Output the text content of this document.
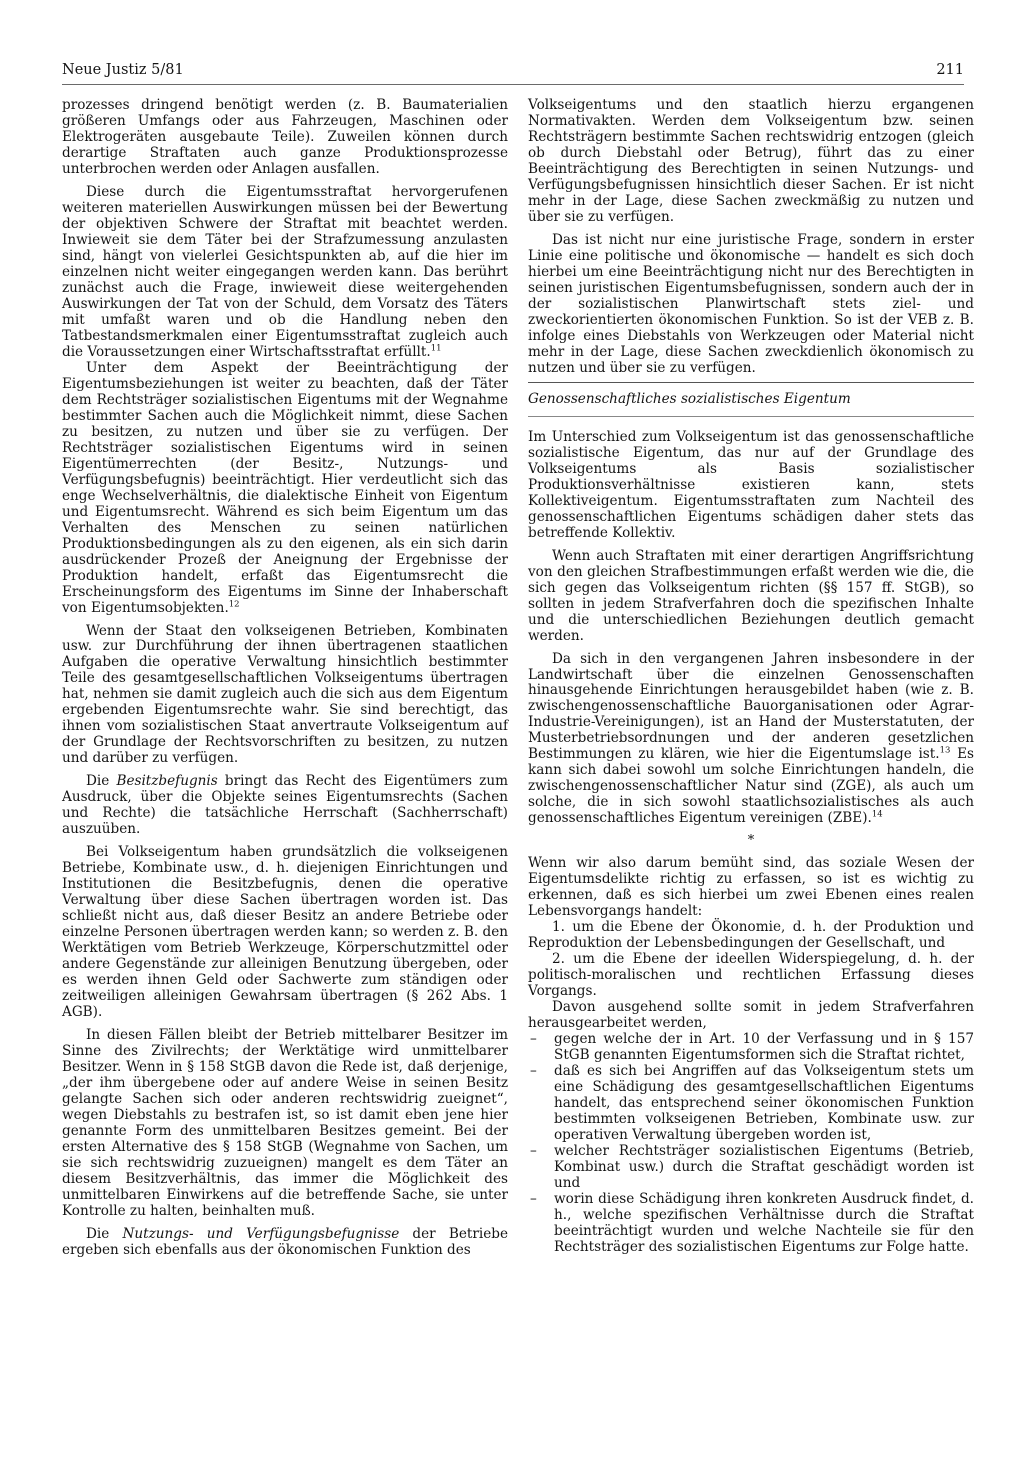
Neue Justiz 5/81	211

prozesses dringend benötigt werden (z. B. Baumaterialien größeren Umfangs oder aus Fahrzeugen, Maschinen oder Elektrogeräten ausgebaute Teile). Zuweilen können durch derartige Straftaten auch ganze Produktionsprozesse unterbrochen werden oder Anlagen ausfallen.

Diese durch die Eigentumsstraftat hervorgerufenen weiteren materiellen Auswirkungen müssen bei der Bewertung der objektiven Schwere der Straftat mit beachtet werden. Inwieweit sie dem Täter bei der Strafzumessung anzulasten sind, hängt von vielerlei Gesichtspunkten ab, auf die hier im einzelnen nicht weiter eingegangen werden kann. Das berührt zunächst auch die Frage, inwieweit diese weitergehenden Auswirkungen der Tat von der Schuld, dem Vorsatz des Täters mit umfaßt waren und ob die Handlung neben den Tatbestandsmerkmalen einer Eigentumsstraftat zugleich auch die Voraussetzungen einer Wirtschaftsstraftat erfüllt.$^{11}$

Unter dem Aspekt der Beeinträchtigung der Eigentumsbeziehungen ist weiter zu beachten, daß der Täter dem Rechtsträger sozialistischen Eigentums mit der Wegnahme bestimmter Sachen auch die Möglichkeit nimmt, diese Sachen zu besitzen, zu nutzen und über sie zu verfügen. Der Rechtsträger sozialistischen Eigentums wird in seinen Eigentümerrechten (der Besitz-, Nutzungs- und Verfügungsbefugnis) beeinträchtigt. Hier verdeutlicht sich das enge Wechselverhältnis, die dialektische Einheit von Eigentum und Eigentumsrecht. Während es sich beim Eigentum um das Verhalten des Menschen zu seinen natürlichen Produktionsbedingungen als zu den eigenen, als ein sich darin ausdrückender Prozeß der Aneignung der Ergebnisse der Produktion handelt, erfaßt das Eigentumsrecht die Erscheinungsform des Eigentums im Sinne der Inhaberschaft von Eigentumsobjekten.$^{12}$

Wenn der Staat den volkseigenen Betrieben, Kombinaten usw. zur Durchführung der ihnen übertragenen staatlichen Aufgaben die operative Verwaltung hinsichtlich bestimmter Teile des gesamtgesellschaftlichen Volkseigentums übertragen hat, nehmen sie damit zugleich auch die sich aus dem Eigentum ergebenden Eigentumsrechte wahr. Sie sind berechtigt, das ihnen vom sozialistischen Staat anvertraute Volkseigentum auf der Grundlage der Rechtsvorschriften zu besitzen, zu nutzen und darüber zu verfügen.

Die Besitzbefugnis bringt das Recht des Eigentümers zum Ausdruck, über die Objekte seines Eigentumsrechts (Sachen und Rechte) die tatsächliche Herrschaft (Sachherrschaft) auszuüben.

Bei Volkseigentum haben grundsätzlich die volkseigenen Betriebe, Kombinate usw., d. h. diejenigen Einrichtungen und Institutionen die Besitzbefugnis, denen die operative Verwaltung über diese Sachen übertragen worden ist. Das schließt nicht aus, daß dieser Besitz an andere Betriebe oder einzelne Personen übertragen werden kann; so werden z. B. den Werktätigen vom Betrieb Werkzeuge, Körperschutzmittel oder andere Gegenstände zur alleinigen Benutzung übergeben, oder es werden ihnen Geld oder Sachwerte zum ständigen oder zeitweiligen alleinigen Gewahrsam übertragen (§ 262 Abs. 1 AGB).

In diesen Fällen bleibt der Betrieb mittelbarer Besitzer im Sinne des Zivilrechts; der Werktätige wird unmittelbarer Besitzer. Wenn in § 158 StGB davon die Rede ist, daß derjenige, „der ihm übergebene oder auf andere Weise in seinen Besitz gelangte Sachen sich oder anderen rechtswidrig zueignet“, wegen Diebstahls zu bestrafen ist, so ist damit eben jene hier genannte Form des unmittelbaren Besitzes gemeint. Bei der ersten Alternative des § 158 StGB (Wegnahme von Sachen, um sie sich rechtswidrig zuzueignen) mangelt es dem Täter an diesem Besitzverhältnis, das immer die Möglichkeit des unmittelbaren Einwirkens auf die betreffende Sache, sie unter Kontrolle zu halten, beinhalten muß.

Die Nutzungs- und Verfügungsbefugnisse der Betriebe ergeben sich ebenfalls aus der ökonomischen Funktion des

Volkseigentums und den staatlich hierzu ergangenen Normativakten. Werden dem Volkseigentum bzw. seinen Rechtsträgern bestimmte Sachen rechtswidrig entzogen (gleich ob durch Diebstahl oder Betrug), führt das zu einer Beeinträchtigung des Berechtigten in seinen Nutzungs- und Verfügungsbefugnissen hinsichtlich dieser Sachen. Er ist nicht mehr in der Lage, diese Sachen zweckmäßig zu nutzen und über sie zu verfügen.

Das ist nicht nur eine juristische Frage, sondern in erster Linie eine politische und ökonomische — handelt es sich doch hierbei um eine Beeinträchtigung nicht nur des Berechtigten in seinen juristischen Eigentumsbefugnissen, sondern auch der in der sozialistischen Planwirtschaft stets ziel- und zweckorientierten ökonomischen Funktion. So ist der VEB z. B. infolge eines Diebstahls von Werkzeugen oder Material nicht mehr in der Lage, diese Sachen zweckdienlich ökonomisch zu nutzen und über sie zu verfügen.

Genossenschaftliches sozialistisches Eigentum

Im Unterschied zum Volkseigentum ist das genossenschaftliche sozialistische Eigentum, das nur auf der Grundlage des Volkseigentums als Basis sozialistischer Produktionsverhältnisse existieren kann, stets Kollektiveigentum. Eigentumsstraftaten zum Nachteil des genossenschaftlichen Eigentums schädigen daher stets das betreffende Kollektiv.

Wenn auch Straftaten mit einer derartigen Angriffsrichtung von den gleichen Strafbestimmungen erfaßt werden wie die, die sich gegen das Volkseigentum richten (§§ 157 ff. StGB), so sollten in jedem Strafverfahren doch die spezifischen Inhalte und die unterschiedlichen Beziehungen deutlich gemacht werden.

Da sich in den vergangenen Jahren insbesondere in der Landwirtschaft über die einzelnen Genossenschaften hinausgehende Einrichtungen herausgebildet haben (wie z. B. zwischengenossenschaftliche Bauorganisationen oder Agrar-Industrie-Vereinigungen), ist an Hand der Musterstatuten, der Musterbetriebsordnungen und der anderen gesetzlichen Bestimmungen zu klären, wie hier die Eigentumslage ist.$^{13}$ Es kann sich dabei sowohl um solche Einrichtungen handeln, die zwischengenossenschaftlicher Natur sind (ZGE), als auch um solche, die in sich sowohl staatlichsozialistisches als auch genossenschaftliches Eigentum vereinigen (ZBE).$^{14}$

*

Wenn wir also darum bemüht sind, das soziale Wesen der Eigentumsdelikte richtig zu erfassen, so ist es wichtig zu erkennen, daß es sich hierbei um zwei Ebenen eines realen Lebensvorgangs handelt:

1. um die Ebene der Ökonomie, d. h. der Produktion und Reproduktion der Lebensbedingungen der Gesellschaft, und

2. um die Ebene der ideellen Widerspiegelung, d. h. der politisch-moralischen und rechtlichen Erfassung dieses Vorgangs.

Davon ausgehend sollte somit in jedem Strafverfahren herausgearbeitet werden,

– gegen welche der in Art. 10 der Verfassung und in § 157 StGB genannten Eigentumsformen sich die Straftat richtet,
– daß es sich bei Angriffen auf das Volkseigentum stets um eine Schädigung des gesamtgesellschaftlichen Eigentums handelt, das entsprechend seiner ökonomischen Funktion bestimmten volkseigenen Betrieben, Kombinate usw. zur operativen Verwaltung übergeben worden ist,
– welcher Rechtsträger sozialistischen Eigentums (Betrieb, Kombinat usw.) durch die Straftat geschädigt worden ist und
– worin diese Schädigung ihren konkreten Ausdruck findet, d. h., welche spezifischen Verhältnisse durch die Straftat beeinträchtigt wurden und welche Nachteile sie für den Rechtsträger des sozialistischen Eigentums zur Folge hatte.
